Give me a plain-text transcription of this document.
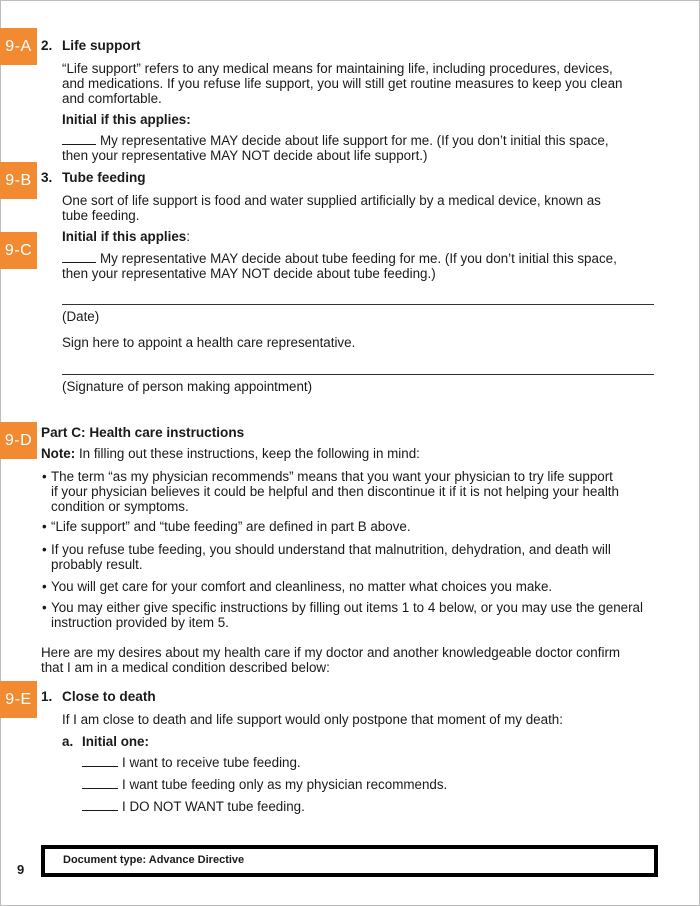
9-A
9-B
9-C
9-D
9-E
2. Life support
“Life support” refers to any medical means for maintaining life, including procedures, devices,
and medications. If you refuse life support, you will still get routine measures to keep you clean
and comfortable.
Initial if this applies:
My representative MAY decide about life support for me. (If you don’t initial this space,
then your representative MAY NOT decide about life support.)
3. Tube feeding
One sort of life support is food and water supplied artificially by a medical device, known as
tube feeding.
Initial if this applies:
My representative MAY decide about tube feeding for me. (If you don’t initial this space,
then your representative MAY NOT decide about tube feeding.)
(Date)
Sign here to appoint a health care representative.
(Signature of person making appointment)
Part C: Health care instructions
Note: In filling out these instructions, keep the following in mind:
• The term “as my physician recommends” means that you want your physician to try life support
if your physician believes it could be helpful and then discontinue it if it is not helping your health
condition or symptoms.
• “Life support” and “tube feeding” are defined in part B above.
• If you refuse tube feeding, you should understand that malnutrition, dehydration, and death will
probably result.
• You will get care for your comfort and cleanliness, no matter what choices you make.
• You may either give specific instructions by filling out items 1 to 4 below, or you may use the general
instruction provided by item 5.
Here are my desires about my health care if my doctor and another knowledgeable doctor confirm
that I am in a medical condition described below:
1. Close to death
If I am close to death and life support would only postpone that moment of my death:
a. Initial one:
I want to receive tube feeding.
I want tube feeding only as my physician recommends.
I DO NOT WANT tube feeding.
9
Document type: Advance Directive
